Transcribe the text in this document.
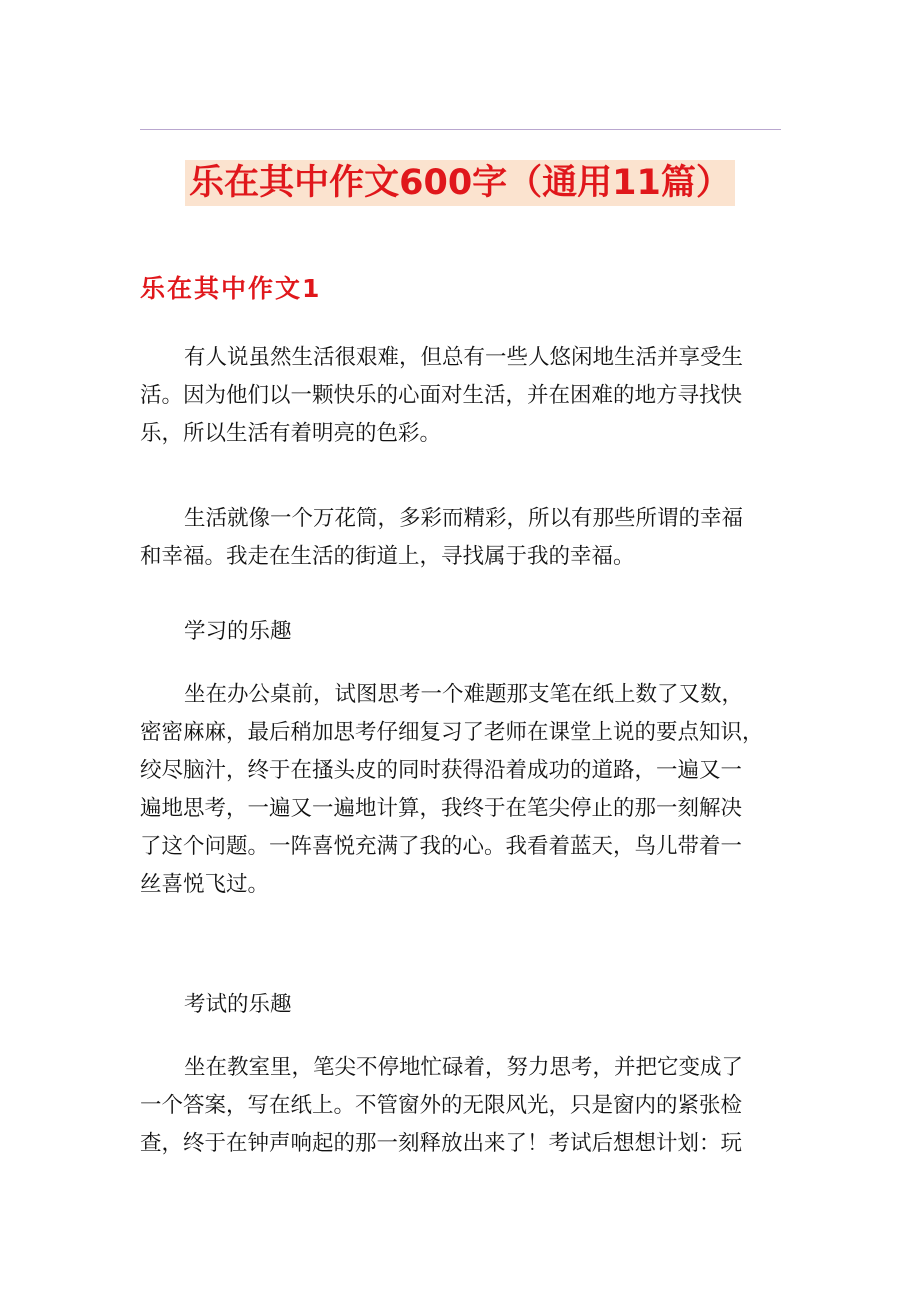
乐在其中作文600字（通用11篇）
乐在其中作文1

有人说虽然生活很艰难，但总有一些人悠闲地生活并享受生
活。因为他们以一颗快乐的心面对生活，并在困难的地方寻找快
乐，所以生活有着明亮的色彩。

生活就像一个万花筒，多彩而精彩，所以有那些所谓的幸福
和幸福。我走在生活的街道上，寻找属于我的幸福。

学习的乐趣

坐在办公桌前，试图思考一个难题那支笔在纸上数了又数，
密密麻麻，最后稍加思考仔细复习了老师在课堂上说的要点知识，
绞尽脑汁，终于在搔头皮的同时获得沿着成功的道路，一遍又一
遍地思考，一遍又一遍地计算，我终于在笔尖停止的那一刻解决
了这个问题。一阵喜悦充满了我的心。我看着蓝天，鸟儿带着一
丝喜悦飞过。

考试的乐趣

坐在教室里，笔尖不停地忙碌着，努力思考，并把它变成了
一个答案，写在纸上。不管窗外的无限风光，只是窗内的紧张检
查，终于在钟声响起的那一刻释放出来了！考试后想想计划：玩
